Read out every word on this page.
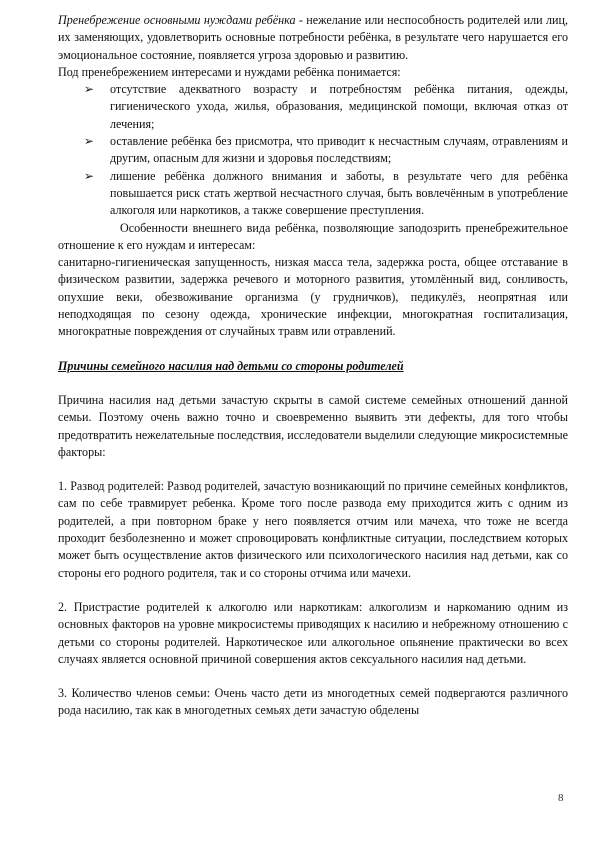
Пренебрежение основными нуждами ребёнка - нежелание или неспособность родителей или лиц, их заменяющих, удовлетворить основные потребности ребёнка, в результате чего нарушается его эмоциональное состояние, появляется угроза здоровью и развитию.

Под пренебрежением интересами и нуждами ребёнка понимается:

➢ отсутствие адекватного возрасту и потребностям ребёнка питания, одежды, гигиенического ухода, жилья, образования, медицинской помощи, включая отказ от лечения;
➢ оставление ребёнка без присмотра, что приводит к несчастным случаям, отравлениям и другим, опасным для жизни и здоровья последствиям;
➢ лишение ребёнка должного внимания и заботы, в результате чего для ребёнка повышается риск стать жертвой несчастного случая, быть вовлечённым в употребление алкоголя или наркотиков, а также совершение преступления.

Особенности внешнего вида ребёнка, позволяющие заподозрить пренебрежительное отношение к его нуждам и интересам:

санитарно-гигиеническая запущенность, низкая масса тела, задержка роста, общее отставание в физическом развитии, задержка речевого и моторного развития, утомлённый вид, сонливость, опухшие веки, обезвоживание организма (у грудничков), педикулёз, неопрятная или неподходящая по сезону одежда, хронические инфекции, многократная госпитализация, многократные повреждения от случайных травм или отравлений.

Причины семейного насилия над детьми со стороны родителей

Причина насилия над детьми зачастую скрыты в самой системе семейных отношений данной семьи. Поэтому очень важно точно и своевременно выявить эти дефекты, для того чтобы предотвратить нежелательные последствия, исследователи выделили следующие микросистемные факторы:

1. Развод родителей: Развод родителей, зачастую возникающий по причине семейных конфликтов, сам по себе травмирует ребенка. Кроме того после развода ему приходится жить с одним из родителей, а при повторном браке у него появляется отчим или мачеха, что тоже не всегда проходит безболезненно и может спровоцировать конфликтные ситуации, последствием которых может быть осуществление актов физического или психологического насилия над детьми, как со стороны его родного родителя, так и со стороны отчима или мачехи.

2. Пристрастие родителей к алкоголю или наркотикам: алкоголизм и наркоманию одним из основных факторов на уровне микросистемы приводящих к насилию и небрежному отношению с детьми со стороны родителей. Наркотическое или алкогольное опьянение практически во всех случаях является основной причиной совершения актов сексуального насилия над детьми.

3. Количество членов семьи: Очень часто дети из многодетных семей подвергаются различного рода насилию, так как в многодетных семьях дети зачастую обделены

8
